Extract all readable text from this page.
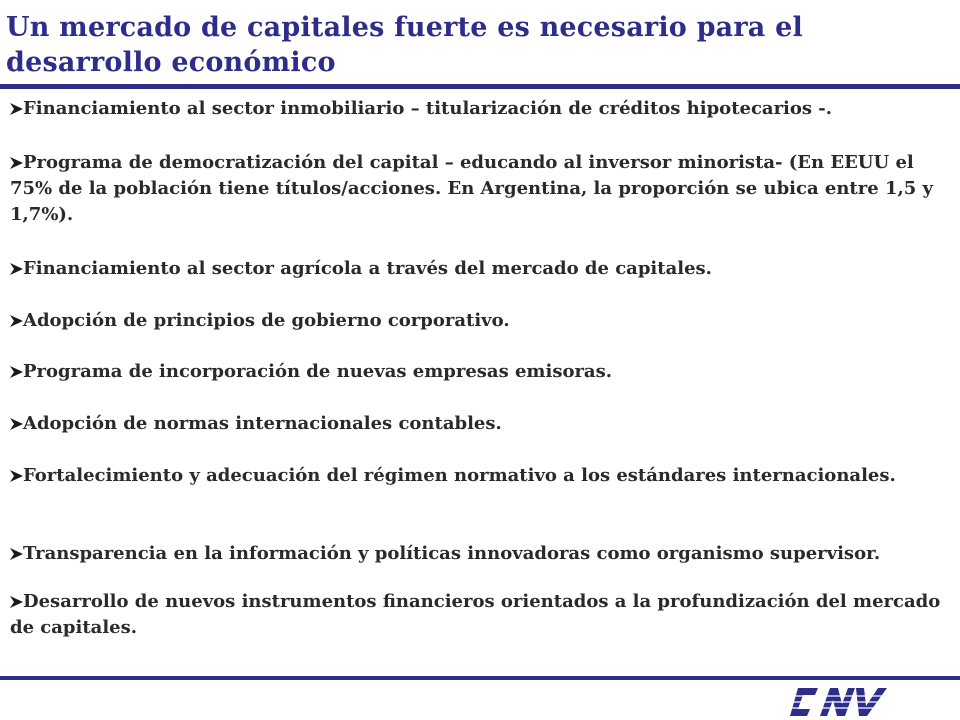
Un mercado de capitales fuerte es necesario para el desarrollo económico
Financiamiento al sector inmobiliario – titularización de créditos hipotecarios -.
Programa de democratización del capital – educando al inversor minorista- (En EEUU el 75% de la población tiene títulos/acciones. En Argentina, la proporción se ubica entre 1,5 y 1,7%).
Financiamiento al sector agrícola a través del mercado de capitales.
Adopción de principios de gobierno corporativo.
Programa de incorporación de nuevas empresas emisoras.
Adopción de normas internacionales contables.
Fortalecimiento y adecuación del régimen normativo a los estándares internacionales.
Transparencia en la información y políticas innovadoras como organismo supervisor.
Desarrollo de nuevos instrumentos financieros orientados a la profundización del mercado de capitales.
